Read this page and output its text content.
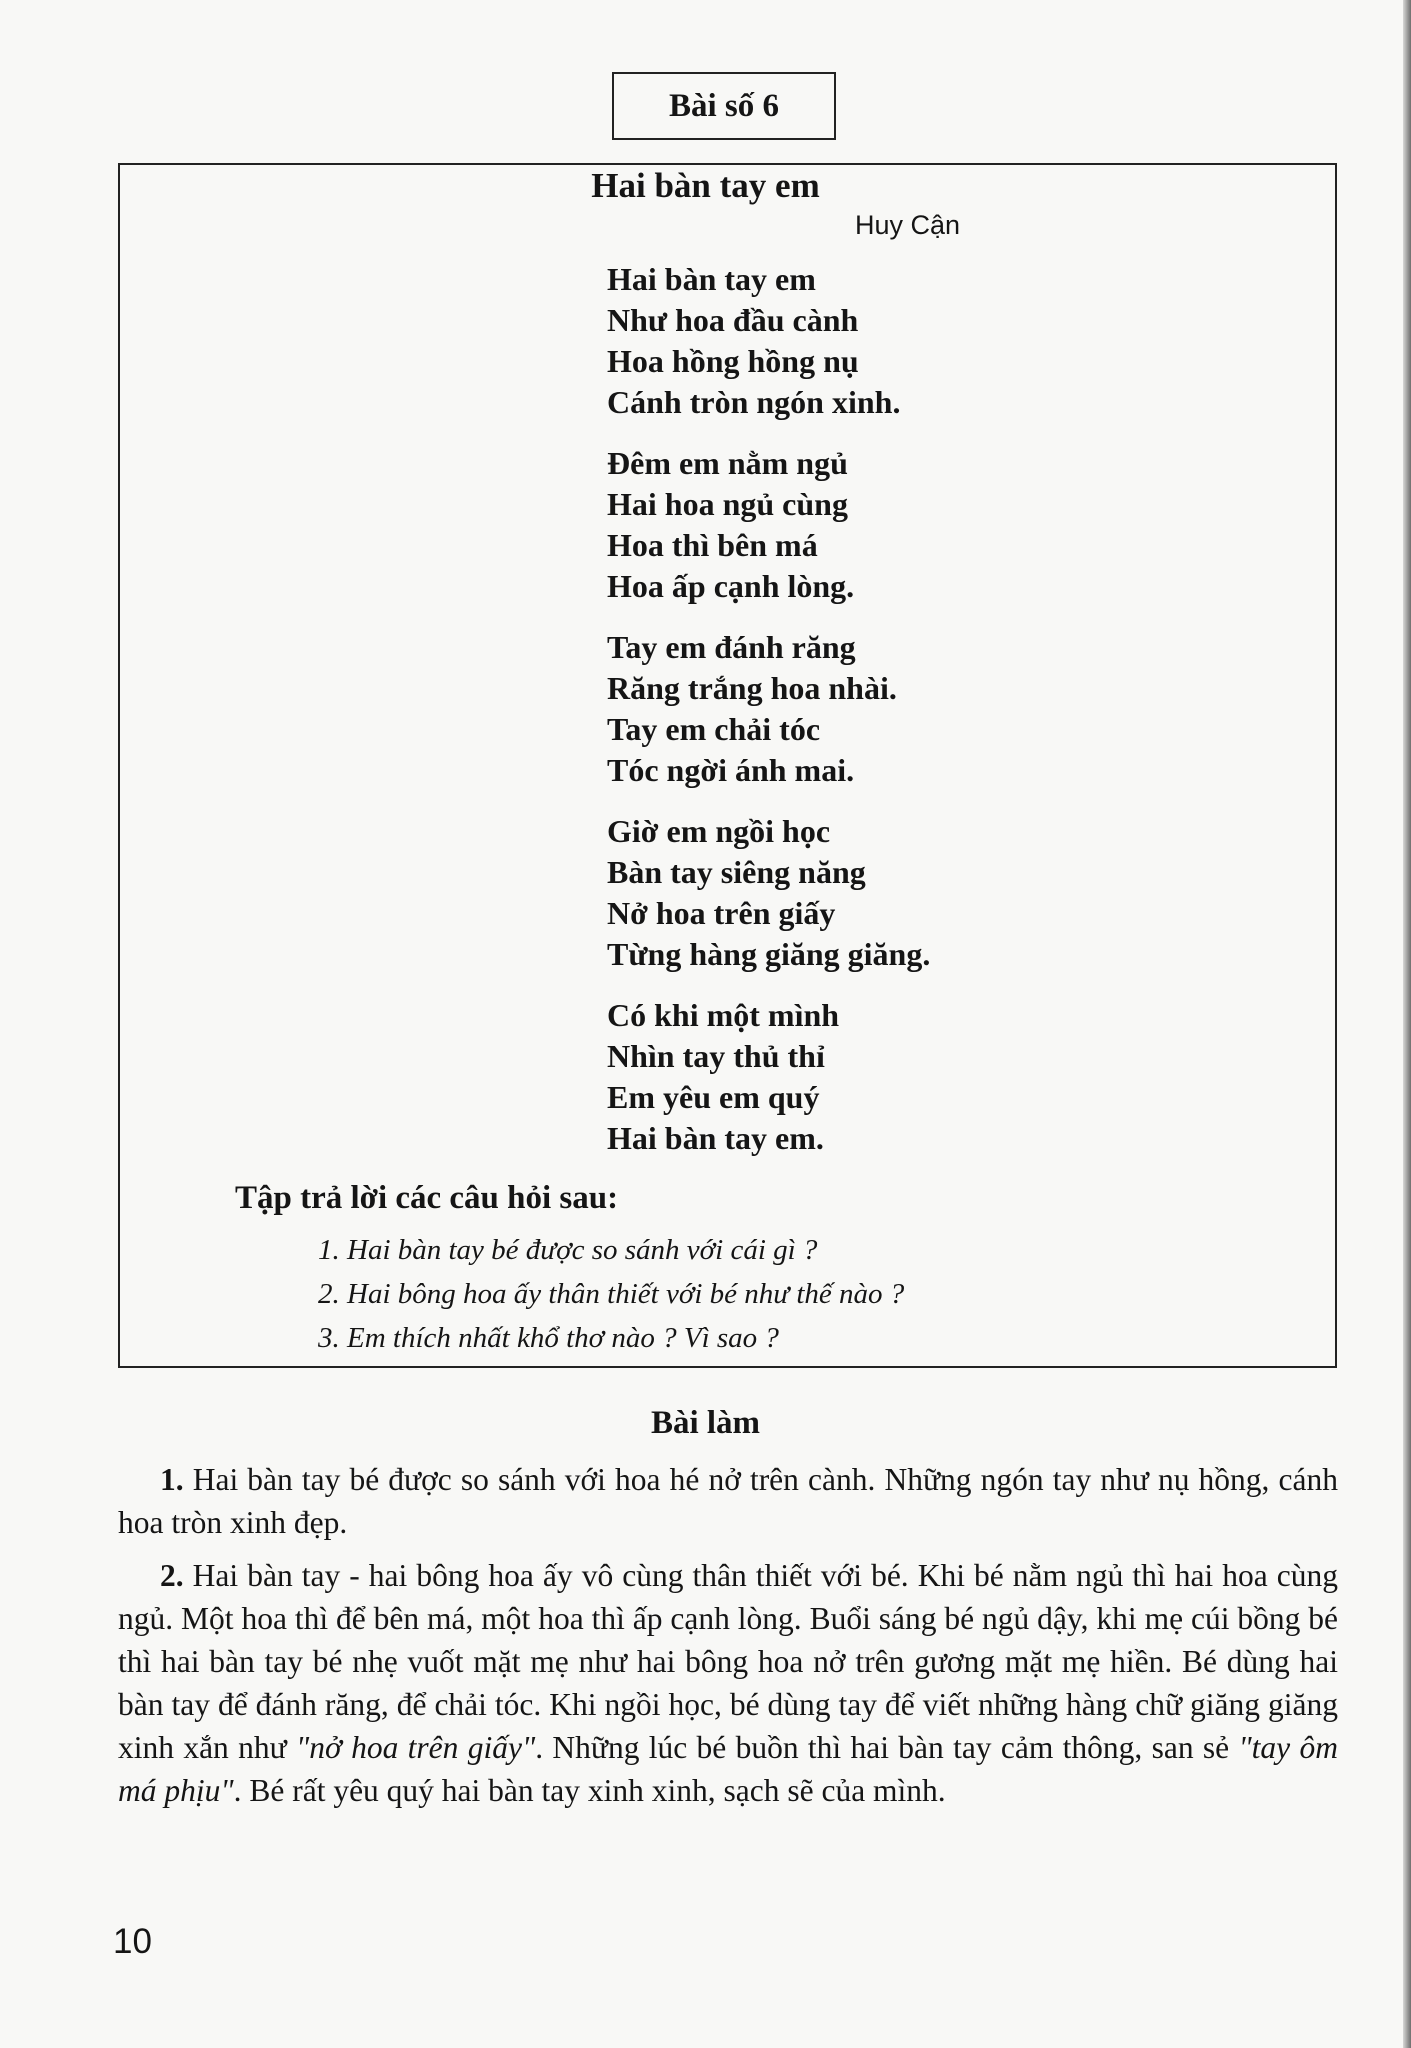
Bài số 6
Hai bàn tay em
Huy Cận
Hai bàn tay em
Như hoa đầu cành
Hoa hồng hồng nụ
Cánh tròn ngón xinh.
Đêm em nằm ngủ
Hai hoa ngủ cùng
Hoa thì bên má
Hoa ấp cạnh lòng.
Tay em đánh răng
Răng trắng hoa nhài.
Tay em chải tóc
Tóc ngời ánh mai.
Giờ em ngồi học
Bàn tay siêng năng
Nở hoa trên giấy
Từng hàng giăng giăng.
Có khi một mình
Nhìn tay thủ thỉ
Em yêu em quý
Hai bàn tay em.
Tập trả lời các câu hỏi sau:
1. Hai bàn tay bé được so sánh với cái gì ?
2. Hai bông hoa ấy thân thiết với bé như thế nào ?
3. Em thích nhất khổ thơ nào ? Vì sao ?
Bài làm

1. Hai bàn tay bé được so sánh với hoa hé nở trên cành. Những ngón tay như nụ hồng, cánh hoa tròn xinh đẹp.

2. Hai bàn tay - hai bông hoa ấy vô cùng thân thiết với bé. Khi bé nằm ngủ thì hai hoa cùng ngủ. Một hoa thì để bên má, một hoa thì ấp cạnh lòng. Buổi sáng bé ngủ dậy, khi mẹ cúi bồng bé thì hai bàn tay bé nhẹ vuốt mặt mẹ như hai bông hoa nở trên gương mặt mẹ hiền. Bé dùng hai bàn tay để đánh răng, để chải tóc. Khi ngồi học, bé dùng tay để viết những hàng chữ giăng giăng xinh xắn như "nở hoa trên giấy". Những lúc bé buồn thì hai bàn tay cảm thông, san sẻ "tay ôm má phịu". Bé rất yêu quý hai bàn tay xinh xinh, sạch sẽ của mình.

10
